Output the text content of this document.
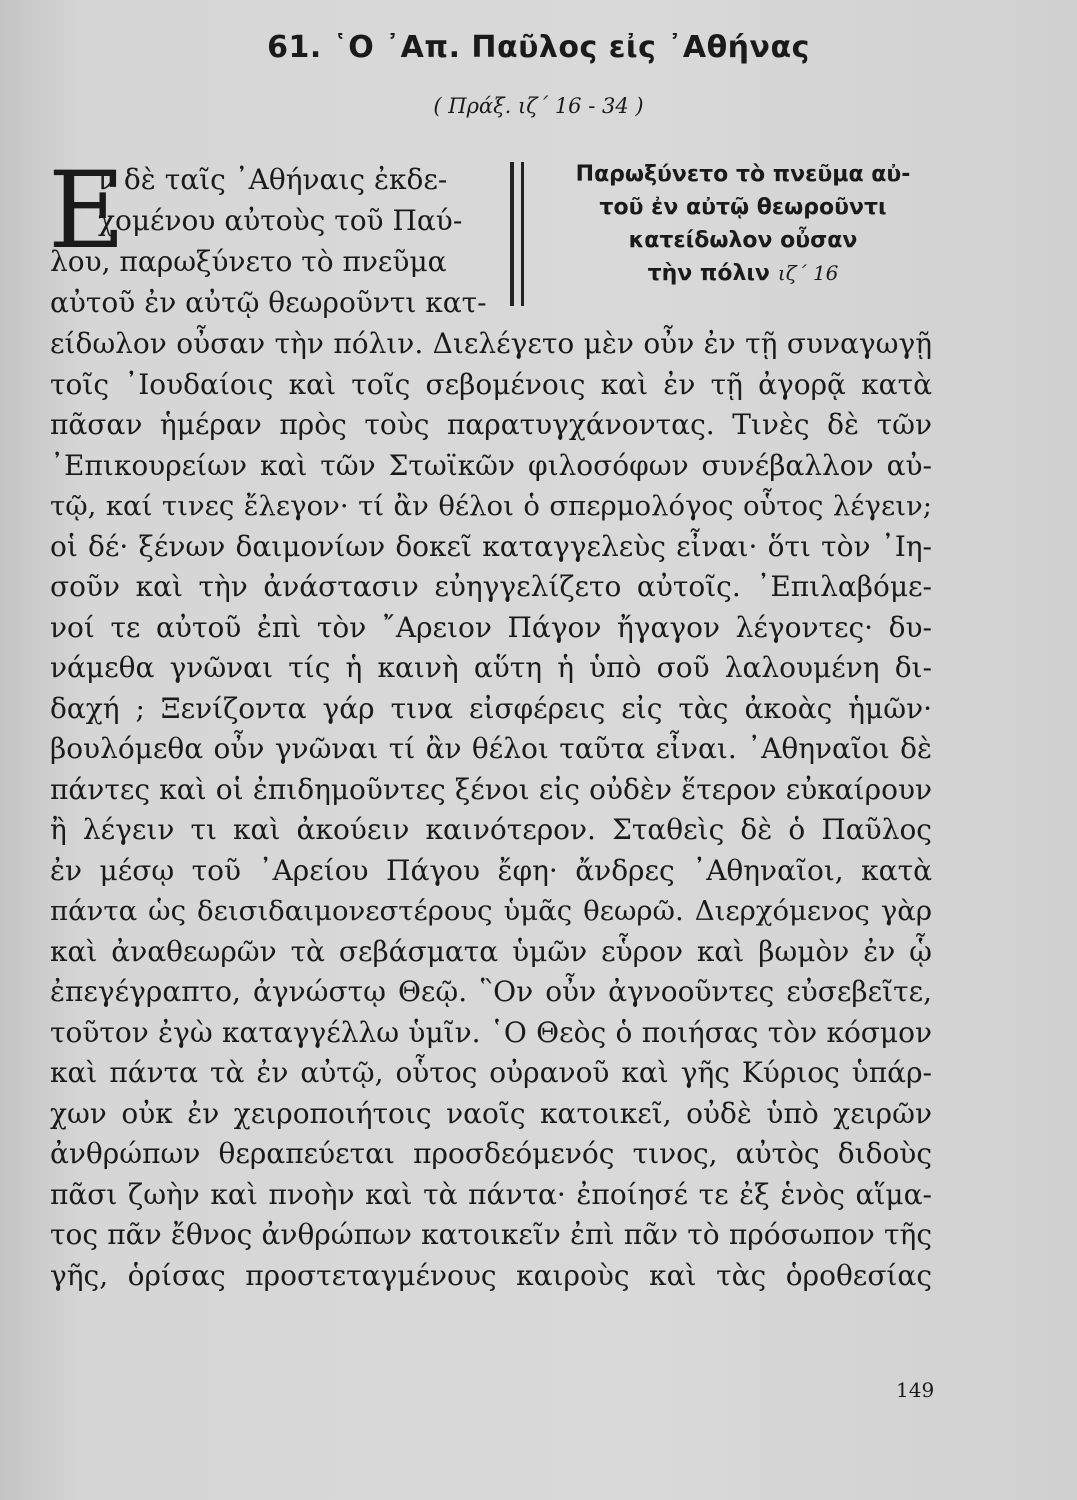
61. ῾Ο ᾿Απ. Παῦλος εἰς ᾿Αθήνας
( Πράξ. ιζ΄ 16 - 34 )
Ε
ν δὲ ταῖς ᾿Αθήναις ἐκδε-
χομένου αὐτοὺς τοῦ Παύ-
λου, παρωξύνετο τὸ πνεῦμα
αὐτοῦ ἐν αὐτῷ θεωροῦντι κατ-
Παρωξύνετο τὸ πνεῦμα αὐ-
τοῦ ἐν αὐτῷ θεωροῦντι
κατείδωλον οὖσαν
τὴν πόλιν ιζ΄ 16
είδωλον οὖσαν τὴν πόλιν. Διελέγετο μὲν οὖν ἐν τῇ συναγωγῇ
τοῖς ᾿Ιουδαίοις καὶ τοῖς σεβομένοις καὶ ἐν τῇ ἀγορᾷ κατὰ
πᾶσαν ἡμέραν πρὸς τοὺς παρατυγχάνοντας. Τινὲς δὲ τῶν
᾿Επικουρείων καὶ τῶν Στωϊκῶν φιλοσόφων συνέβαλλον αὐ-
τῷ, καί τινες ἔλεγον· τί ἂν θέλοι ὁ σπερμολόγος οὗτος λέγειν;
οἱ δέ· ξένων δαιμονίων δοκεῖ καταγγελεὺς εἶναι· ὅτι τὸν ᾿Ιη-
σοῦν καὶ τὴν ἀνάστασιν εὐηγγελίζετο αὐτοῖς. ᾿Επιλαβόμε-
νοί τε αὐτοῦ ἐπὶ τὸν ῎Αρειον Πάγον ἤγαγον λέγοντες· δυ-
νάμεθα γνῶναι τίς ἡ καινὴ αὕτη ἡ ὑπὸ σοῦ λαλουμένη δι-
δαχή ; Ξενίζοντα γάρ τινα εἰσφέρεις εἰς τὰς ἀκοὰς ἡμῶν·
βουλόμεθα οὖν γνῶναι τί ἂν θέλοι ταῦτα εἶναι. ᾿Αθηναῖοι δὲ
πάντες καὶ οἱ ἐπιδημοῦντες ξένοι εἰς οὐδὲν ἕτερον εὐκαίρουν
ἢ λέγειν τι καὶ ἀκούειν καινότερον. Σταθεὶς δὲ ὁ Παῦλος
ἐν μέσῳ τοῦ ᾿Αρείου Πάγου ἔφη· ἄνδρες ᾿Αθηναῖοι, κατὰ
πάντα ὡς δεισιδαιμονεστέρους ὑμᾶς θεωρῶ. Διερχόμενος γὰρ
καὶ ἀναθεωρῶν τὰ σεβάσματα ὑμῶν εὗρον καὶ βωμὸν ἐν ᾧ
ἐπεγέγραπτο, ἀγνώστῳ Θεῷ. ῝Ον οὖν ἀγνοοῦντες εὐσεβεῖτε,
τοῦτον ἐγὼ καταγγέλλω ὑμῖν. ῾Ο Θεὸς ὁ ποιήσας τὸν κόσμον
καὶ πάντα τὰ ἐν αὐτῷ, οὗτος οὐρανοῦ καὶ γῆς Κύριος ὑπάρ-
χων οὐκ ἐν χειροποιήτοις ναοῖς κατοικεῖ, οὐδὲ ὑπὸ χειρῶν
ἀνθρώπων θεραπεύεται προσδεόμενός τινος, αὐτὸς διδοὺς
πᾶσι ζωὴν καὶ πνοὴν καὶ τὰ πάντα· ἐποίησέ τε ἐξ ἑνὸς αἵμα-
τος πᾶν ἔθνος ἀνθρώπων κατοικεῖν ἐπὶ πᾶν τὸ πρόσωπον τῆς
γῆς, ὁρίσας προστεταγμένους καιροὺς καὶ τὰς ὁροθεσίας
149
